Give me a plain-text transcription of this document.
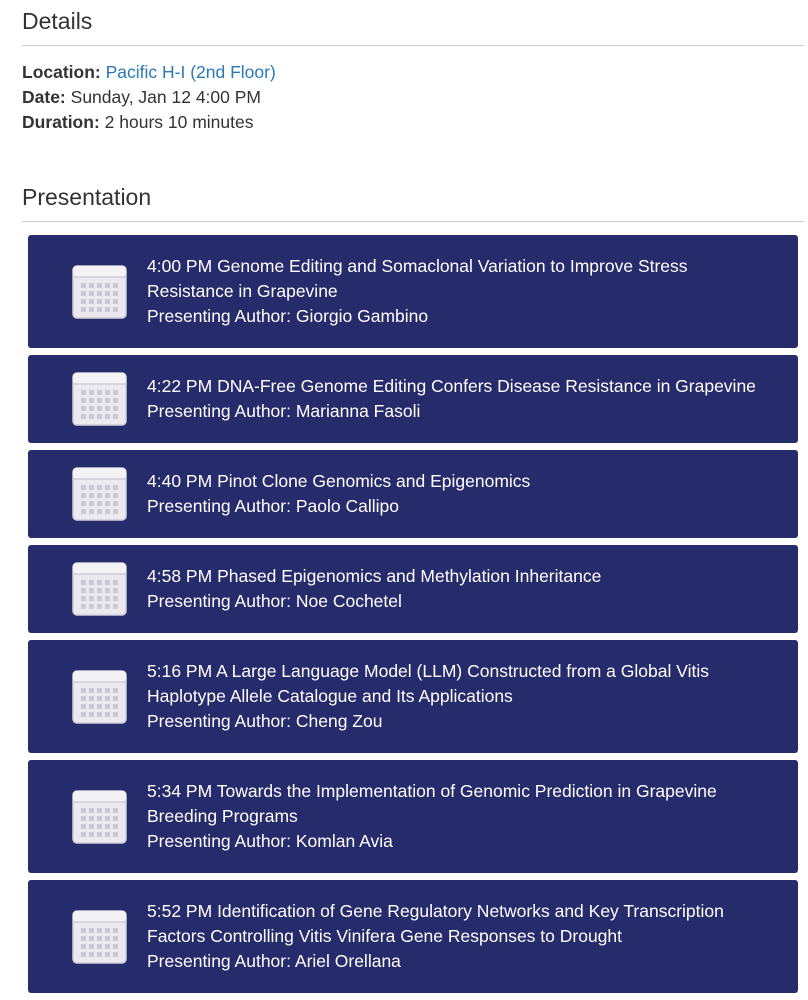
Details
Location: Pacific H-I (2nd Floor)
Date: Sunday, Jan 12 4:00 PM
Duration: 2 hours 10 minutes
Presentation
4:00 PM Genome Editing and Somaclonal Variation to Improve Stress Resistance in Grapevine
Presenting Author: Giorgio Gambino
4:22 PM DNA-Free Genome Editing Confers Disease Resistance in Grapevine
Presenting Author: Marianna Fasoli
4:40 PM Pinot Clone Genomics and Epigenomics
Presenting Author: Paolo Callipo
4:58 PM Phased Epigenomics and Methylation Inheritance
Presenting Author: Noe Cochetel
5:16 PM A Large Language Model (LLM) Constructed from a Global Vitis Haplotype Allele Catalogue and Its Applications
Presenting Author: Cheng Zou
5:34 PM Towards the Implementation of Genomic Prediction in Grapevine Breeding Programs
Presenting Author: Komlan Avia
5:52 PM Identification of Gene Regulatory Networks and Key Transcription Factors Controlling Vitis Vinifera Gene Responses to Drought
Presenting Author: Ariel Orellana
